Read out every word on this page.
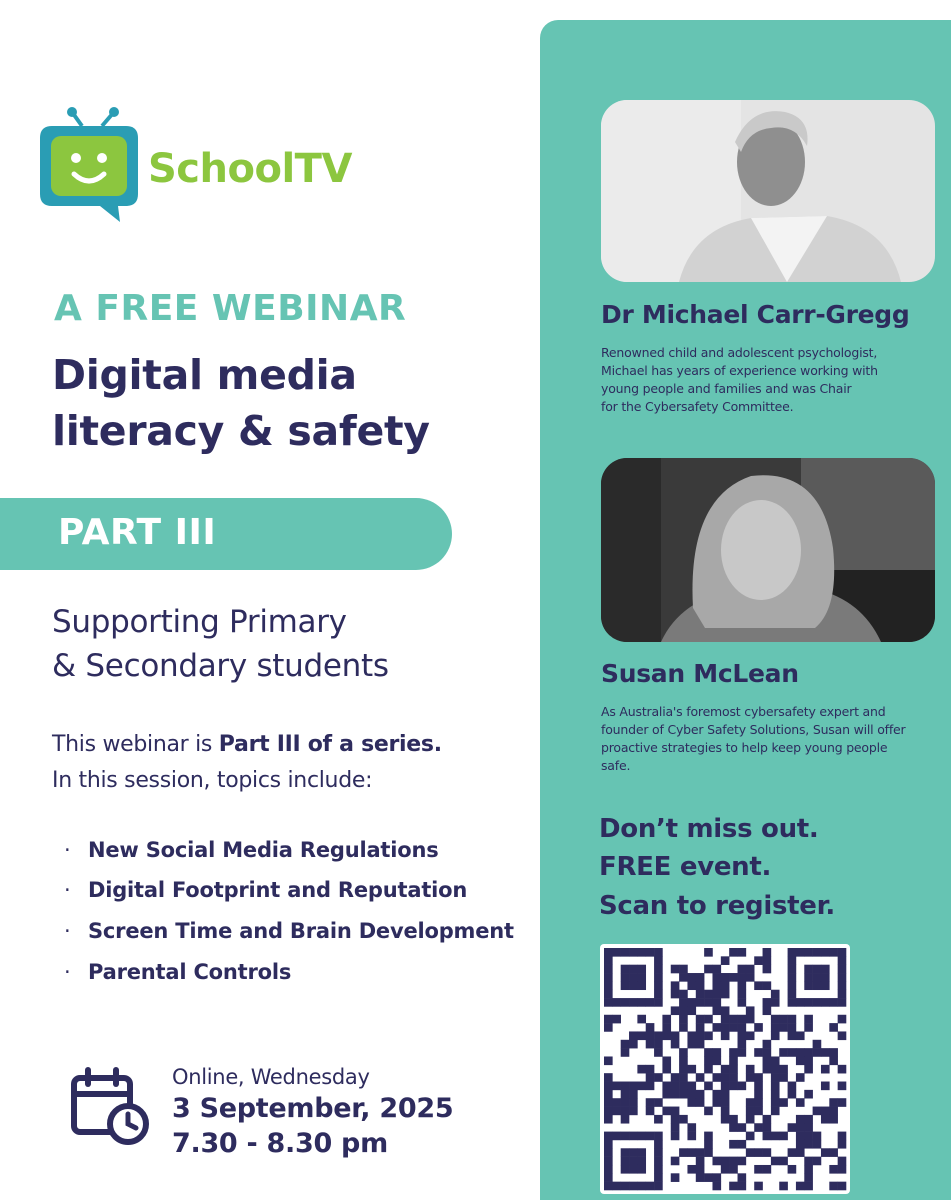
SchoolTV
A FREE WEBINAR
Digital media
literacy & safety
PART III
Supporting Primary
& Secondary students
This webinar is Part III of a series.
In this session, topics include:
· New Social Media Regulations
· Digital Footprint and Reputation
· Screen Time and Brain Development
· Parental Controls
Online, Wednesday
3 September, 2025
7.30 - 8.30 pm
Dr Michael Carr-Gregg
Renowned child and adolescent psychologist,
Michael has years of experience working with
young people and families and was Chair
for the Cybersafety Committee.
Susan McLean
As Australia's foremost cybersafety expert and
founder of Cyber Safety Solutions, Susan will offer
proactive strategies to help keep young people
safe.
Don’t miss out.
FREE event.
Scan to register.
